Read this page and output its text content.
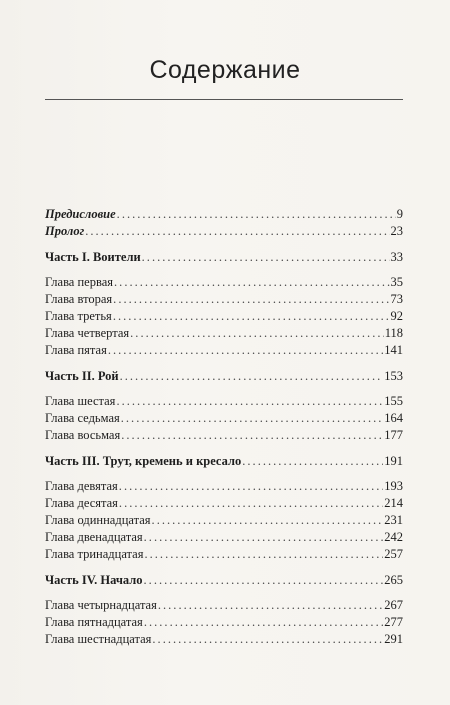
Содержание
Предисловие . . .	9
Пролог . . .	23
Часть I. Воители . . .	33
Глава первая . . .	35
Глава вторая . . .	73
Глава третья . . .	92
Глава четвертая . . .	118
Глава пятая . . .	141
Часть II. Рой . . .	153
Глава шестая . . .	155
Глава седьмая . . .	164
Глава восьмая . . .	177
Часть III. Трут, кремень и кресало . . .	191
Глава девятая . . .	193
Глава десятая . . .	214
Глава одиннадцатая . . .	231
Глава двенадцатая . . .	242
Глава тринадцатая . . .	257
Часть IV. Начало . . .	265
Глава четырнадцатая . . .	267
Глава пятнадцатая . . .	277
Глава шестнадцатая . . .	291
